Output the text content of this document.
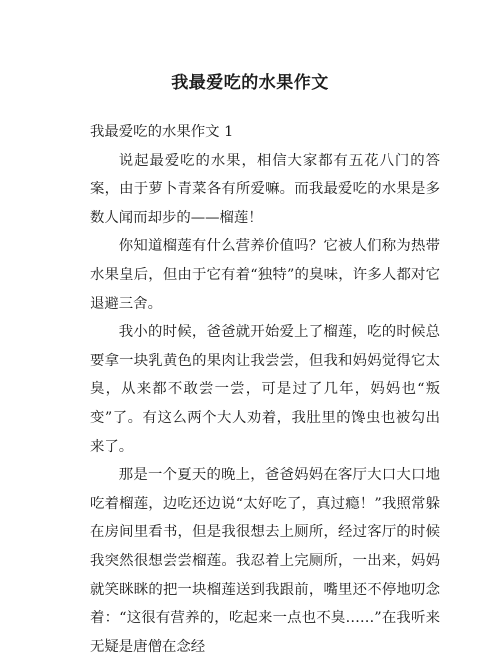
我最爱吃的水果作文

我最爱吃的水果作文 1

说起最爱吃的水果，相信大家都有五花八门的答案，由于萝卜青菜各有所爱嘛。而我最爱吃的水果是多数人闻而却步的——榴莲！

你知道榴莲有什么营养价值吗？它被人们称为热带水果皇后，但由于它有着“独特”的臭味，许多人都对它退避三舍。

我小的时候，爸爸就开始爱上了榴莲，吃的时候总要拿一块乳黄色的果肉让我尝尝，但我和妈妈觉得它太臭，从来都不敢尝一尝，可是过了几年，妈妈也“叛变”了。有这么两个大人劝着，我肚里的馋虫也被勾出来了。

那是一个夏天的晚上，爸爸妈妈在客厅大口大口地吃着榴莲，边吃还边说“太好吃了，真过瘾！”我照常躲在房间里看书，但是我很想去上厕所，经过客厅的时候我突然很想尝尝榴莲。我忍着上完厕所，一出来，妈妈就笑眯眯的把一块榴莲送到我跟前，嘴里还不停地叨念着：“这很有营养的，吃起来一点也不臭……”在我听来无疑是唐僧在念经
